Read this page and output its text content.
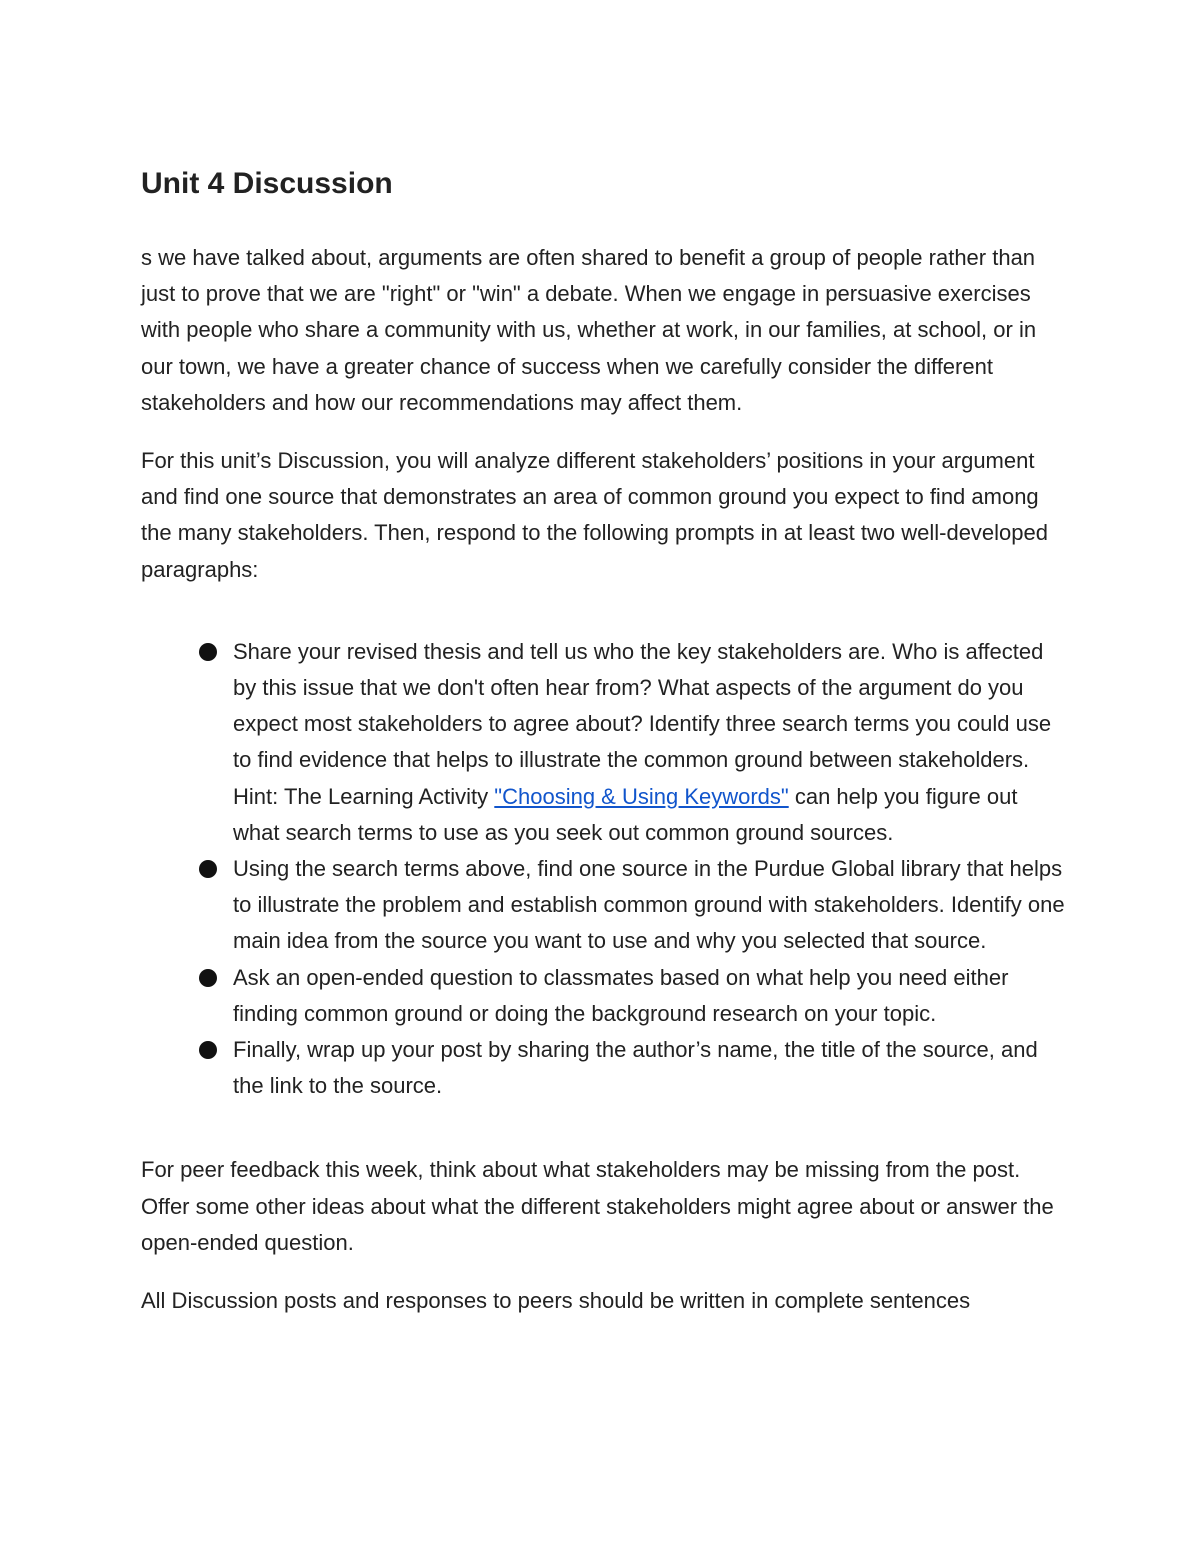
Unit 4 Discussion

s we have talked about, arguments are often shared to benefit a group of people rather than just to prove that we are "right" or "win" a debate. When we engage in persuasive exercises with people who share a community with us, whether at work, in our families, at school, or in our town, we have a greater chance of success when we carefully consider the different stakeholders and how our recommendations may affect them.

For this unit’s Discussion, you will analyze different stakeholders’ positions in your argument and find one source that demonstrates an area of common ground you expect to find among the many stakeholders. Then, respond to the following prompts in at least two well-developed paragraphs:

Share your revised thesis and tell us who the key stakeholders are. Who is affected by this issue that we don't often hear from? What aspects of the argument do you expect most stakeholders to agree about? Identify three search terms you could use to find evidence that helps to illustrate the common ground between stakeholders. Hint: The Learning Activity "Choosing & Using Keywords" can help you figure out what search terms to use as you seek out common ground sources.
Using the search terms above, find one source in the Purdue Global library that helps to illustrate the problem and establish common ground with stakeholders. Identify one main idea from the source you want to use and why you selected that source.
Ask an open-ended question to classmates based on what help you need either finding common ground or doing the background research on your topic.
Finally, wrap up your post by sharing the author’s name, the title of the source, and the link to the source.

For peer feedback this week, think about what stakeholders may be missing from the post. Offer some other ideas about what the different stakeholders might agree about or answer the open-ended question.

All Discussion posts and responses to peers should be written in complete sentences
